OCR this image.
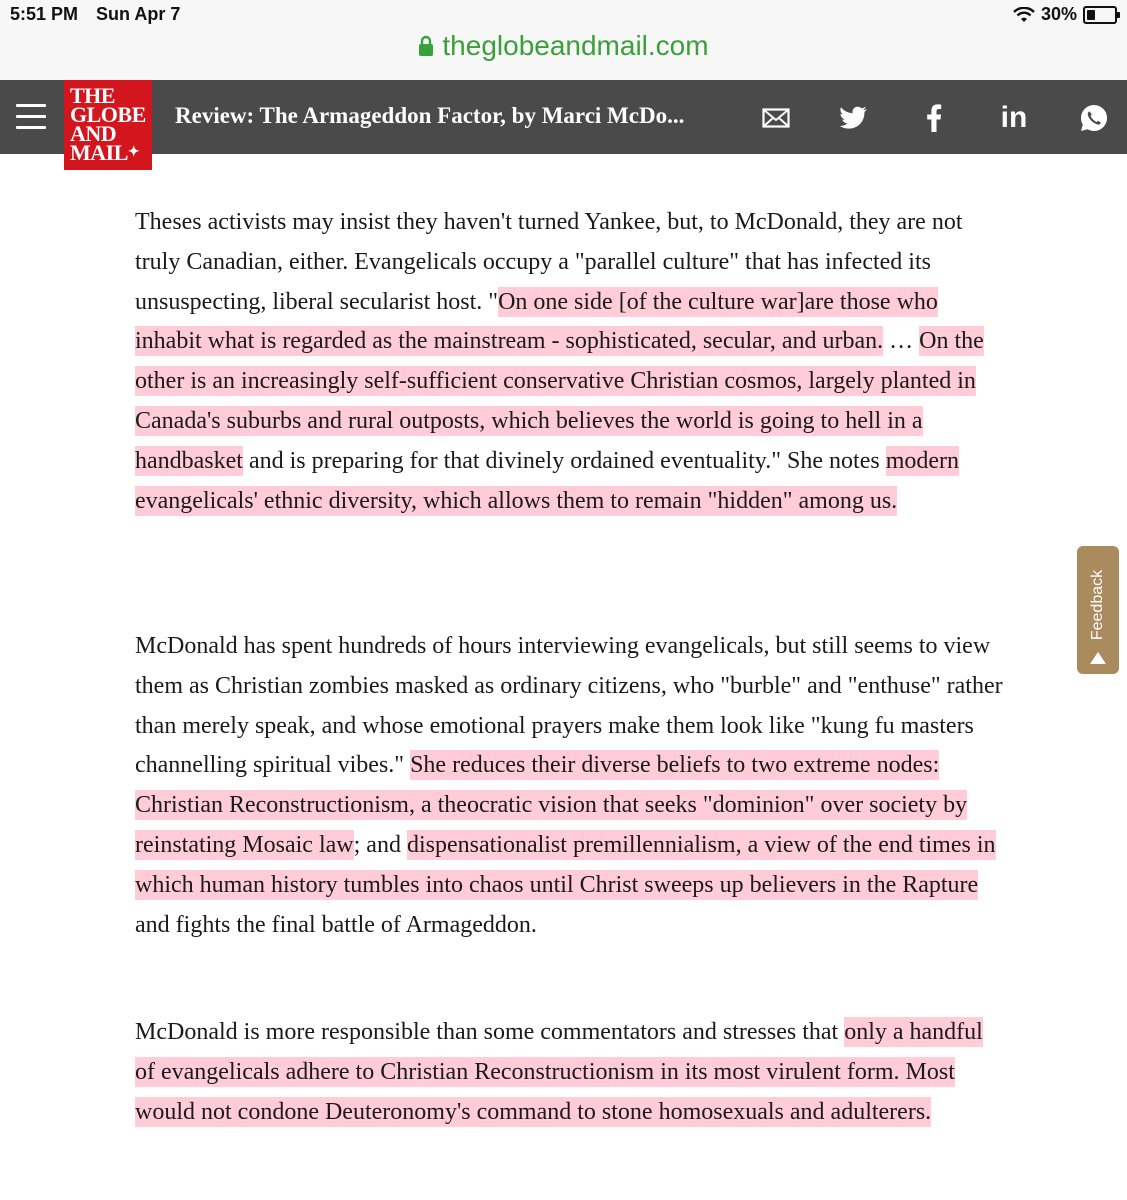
5:51 PM Sun Apr 7	30%
theglobeandmail.com
THE
GLOBE
AND
MAIL✦
Review: The Armageddon Factor, by Marci McDo...	in
Theses activists may insist they haven't turned Yankee, but, to McDonald, they are not truly Canadian, either. Evangelicals occupy a "parallel culture" that has infected its unsuspecting, liberal secularist host. "On one side [of the culture war]are those who inhabit what is regarded as the mainstream - sophisticated, secular, and urban. … On the other is an increasingly self-sufficient conservative Christian cosmos, largely planted in Canada's suburbs and rural outposts, which believes the world is going to hell in a handbasket and is preparing for that divinely ordained eventuality." She notes modern evangelicals' ethnic diversity, which allows them to remain "hidden" among us.
McDonald has spent hundreds of hours interviewing evangelicals, but still seems to view them as Christian zombies masked as ordinary citizens, who "burble" and "enthuse" rather than merely speak, and whose emotional prayers make them look like "kung fu masters channelling spiritual vibes." She reduces their diverse beliefs to two extreme nodes: Christian Reconstructionism, a theocratic vision that seeks "dominion" over society by reinstating Mosaic law; and dispensationalist premillennialism, a view of the end times in which human history tumbles into chaos until Christ sweeps up believers in the Rapture and fights the final battle of Armageddon.
McDonald is more responsible than some commentators and stresses that only a handful of evangelicals adhere to Christian Reconstructionism in its most virulent form. Most would not condone Deuteronomy's command to stone homosexuals and adulterers.
Feedback
